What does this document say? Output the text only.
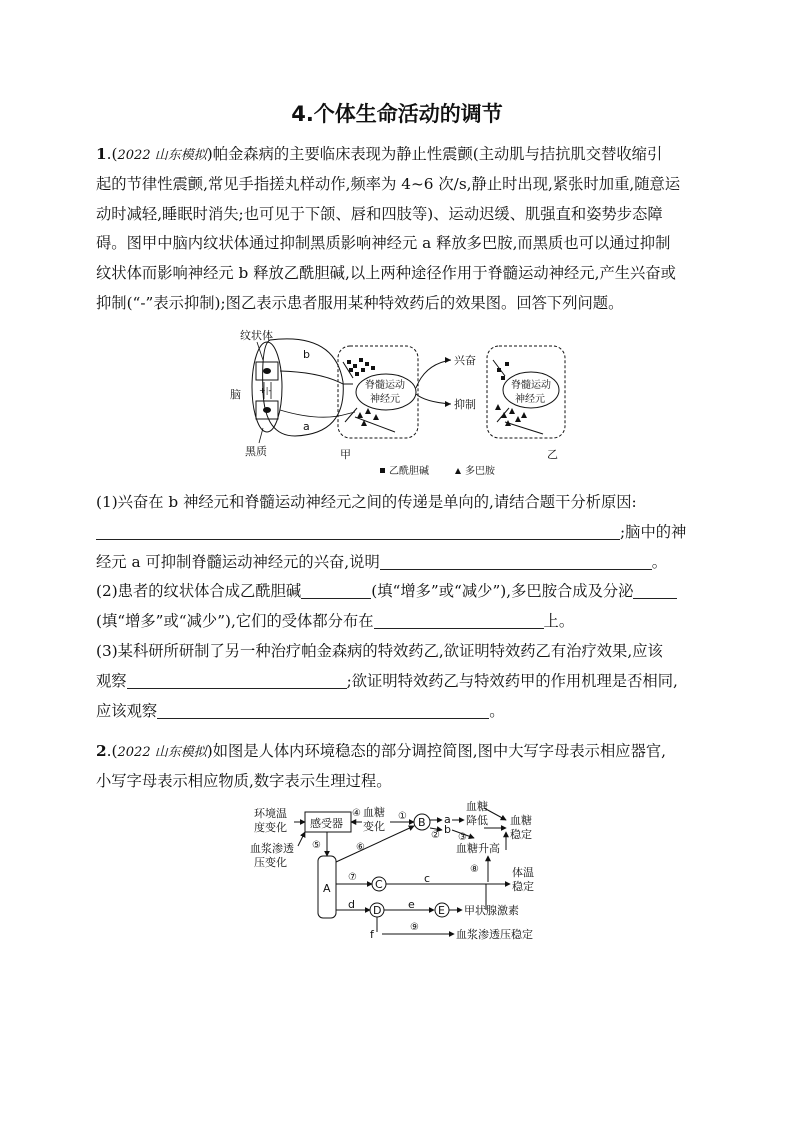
4.个体生命活动的调节
1.(2022 山东模拟)帕金森病的主要临床表现为静止性震颤(主动肌与拮抗肌交替收缩引
起的节律性震颤,常见手指搓丸样动作,频率为 4~6 次/s,静止时出现,紧张时加重,随意运
动时减轻,睡眠时消失;也可见于下颌、唇和四肢等)、运动迟缓、肌强直和姿势步态障
碍。图甲中脑内纹状体通过抑制黑质影响神经元 a 释放多巴胺,而黑质也可以通过抑制
纹状体而影响神经元 b 释放乙酰胆碱,以上两种途径作用于脊髓运动神经元,产生兴奋或
抑制(“-”表示抑制);图乙表示患者服用某种特效药后的效果图。回答下列问题。
纹状体
脑
黑质
+|-
b
a
脊髓运动
神经元
兴奋
抑制
脊髓运动
神经元
甲	乙
乙酰胆碱	多巴胺
(1)兴奋在 b 神经元和脊髓运动神经元之间的传递是单向的,请结合题干分析原因:
;脑中的神
经元 a 可抑制脊髓运动神经元的兴奋,说明	。
(2)患者的纹状体合成乙酰胆碱	(填“增多”或“减少”),多巴胺合成及分泌
(填“增多”或“减少”),它们的受体都分布在	上。
(3)某科研所研制了另一种治疗帕金森病的特效药乙,欲证明特效药乙有治疗效果,应该
观察	;欲证明特效药乙与特效药甲的作用机理是否相同,
应该观察	。
2.(2022 山东模拟)如图是人体内环境稳态的部分调控简图,图中大写字母表示相应器官,
小写字母表示相应物质,数字表示生理过程。
环境温
度变化
血浆渗透
压变化
感受器
血糖
变化
④	① B a
② b
③
血糖
降低 血糖
稳定
血糖升高
⑧
A
⑤	⑥
⑦
C	c	体温
稳定
d D e E 甲状腺激素
f
⑨
血浆渗透压稳定
